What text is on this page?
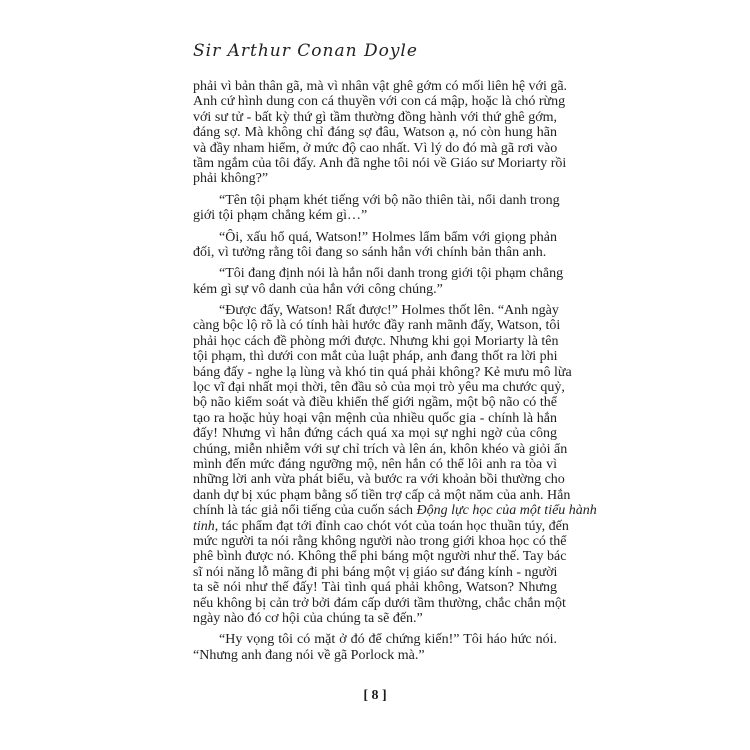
Sir Arthur Conan Doyle
phải vì bản thân gã, mà vì nhân vật ghê gớm có mối liên hệ với gã.
Anh cứ hình dung con cá thuyền với con cá mập, hoặc là chó rừng
với sư tử - bất kỳ thứ gì tầm thường đồng hành với thứ ghê gớm,
đáng sợ. Mà không chỉ đáng sợ đâu, Watson ạ, nó còn hung hãn
và đầy nham hiểm, ở mức độ cao nhất. Vì lý do đó mà gã rơi vào
tầm ngắm của tôi đấy. Anh đã nghe tôi nói về Giáo sư Moriarty rồi
phải không?”
“Tên tội phạm khét tiếng với bộ não thiên tài, nổi danh trong
giới tội phạm chẳng kém gì…”
“Ôi, xấu hổ quá, Watson!” Holmes lẩm bẩm với giọng phản
đối, vì tưởng rằng tôi đang so sánh hắn với chính bản thân anh.
“Tôi đang định nói là hắn nổi danh trong giới tội phạm chẳng
kém gì sự vô danh của hắn với công chúng.”
“Được đấy, Watson! Rất được!” Holmes thốt lên. “Anh ngày
càng bộc lộ rõ là có tính hài hước đầy ranh mãnh đấy, Watson, tôi
phải học cách đề phòng mới được. Nhưng khi gọi Moriarty là tên
tội phạm, thì dưới con mắt của luật pháp, anh đang thốt ra lời phi
báng đấy - nghe lạ lùng và khó tin quá phải không? Kẻ mưu mô lừa
lọc vĩ đại nhất mọi thời, tên đầu sỏ của mọi trò yêu ma chước quỷ,
bộ não kiểm soát và điều khiển thế giới ngầm, một bộ não có thể
tạo ra hoặc hủy hoại vận mệnh của nhiều quốc gia - chính là hắn
đấy! Nhưng vì hắn đứng cách quá xa mọi sự nghi ngờ của công
chúng, miễn nhiễm với sự chỉ trích và lên án, khôn khéo và giỏi ẩn
mình đến mức đáng ngưỡng mộ, nên hắn có thể lôi anh ra tòa vì
những lời anh vừa phát biểu, và bước ra với khoản bồi thường cho
danh dự bị xúc phạm bằng số tiền trợ cấp cả một năm của anh. Hắn
chính là tác giả nổi tiếng của cuốn sách Động lực học của một tiểu hành
tinh, tác phẩm đạt tới đỉnh cao chót vót của toán học thuần túy, đến
mức người ta nói rằng không người nào trong giới khoa học có thể
phê bình được nó. Không thể phi báng một người như thế. Tay bác
sĩ nói năng lỗ mãng đi phi báng một vị giáo sư đáng kính - người
ta sẽ nói như thế đấy! Tài tình quá phải không, Watson? Nhưng
nếu không bị cản trở bởi đám cấp dưới tầm thường, chắc chắn một
ngày nào đó cơ hội của chúng ta sẽ đến.”
“Hy vọng tôi có mặt ở đó để chứng kiến!” Tôi háo hức nói.
“Nhưng anh đang nói về gã Porlock mà.”
[ 8 ]
